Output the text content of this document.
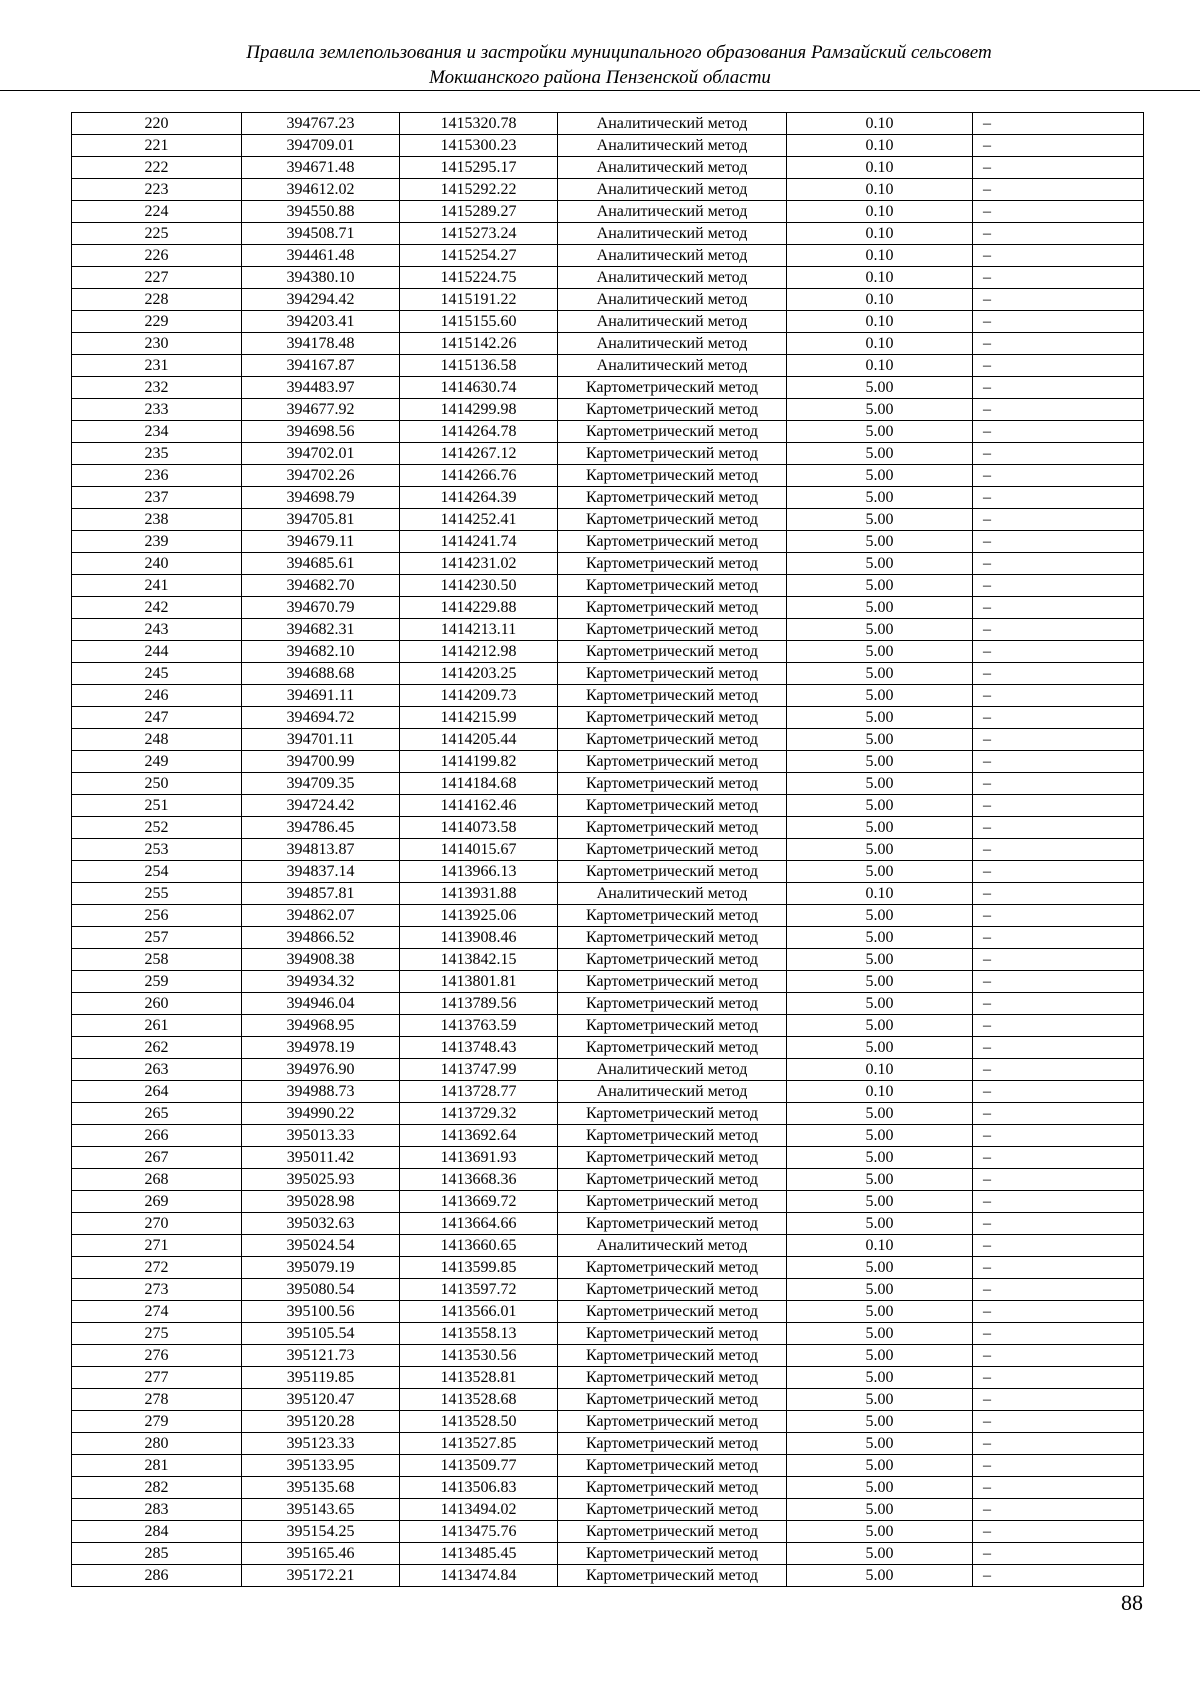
Правила землепользования и застройки муниципального образования Рамзайский сельсовет
Мокшанского района Пензенской области
220	394767.23	1415320.78	Аналитический метод	0.10	–
221	394709.01	1415300.23	Аналитический метод	0.10	–
222	394671.48	1415295.17	Аналитический метод	0.10	–
223	394612.02	1415292.22	Аналитический метод	0.10	–
224	394550.88	1415289.27	Аналитический метод	0.10	–
225	394508.71	1415273.24	Аналитический метод	0.10	–
226	394461.48	1415254.27	Аналитический метод	0.10	–
227	394380.10	1415224.75	Аналитический метод	0.10	–
228	394294.42	1415191.22	Аналитический метод	0.10	–
229	394203.41	1415155.60	Аналитический метод	0.10	–
230	394178.48	1415142.26	Аналитический метод	0.10	–
231	394167.87	1415136.58	Аналитический метод	0.10	–
232	394483.97	1414630.74	Картометрический метод	5.00	–
233	394677.92	1414299.98	Картометрический метод	5.00	–
234	394698.56	1414264.78	Картометрический метод	5.00	–
235	394702.01	1414267.12	Картометрический метод	5.00	–
236	394702.26	1414266.76	Картометрический метод	5.00	–
237	394698.79	1414264.39	Картометрический метод	5.00	–
238	394705.81	1414252.41	Картометрический метод	5.00	–
239	394679.11	1414241.74	Картометрический метод	5.00	–
240	394685.61	1414231.02	Картометрический метод	5.00	–
241	394682.70	1414230.50	Картометрический метод	5.00	–
242	394670.79	1414229.88	Картометрический метод	5.00	–
243	394682.31	1414213.11	Картометрический метод	5.00	–
244	394682.10	1414212.98	Картометрический метод	5.00	–
245	394688.68	1414203.25	Картометрический метод	5.00	–
246	394691.11	1414209.73	Картометрический метод	5.00	–
247	394694.72	1414215.99	Картометрический метод	5.00	–
248	394701.11	1414205.44	Картометрический метод	5.00	–
249	394700.99	1414199.82	Картометрический метод	5.00	–
250	394709.35	1414184.68	Картометрический метод	5.00	–
251	394724.42	1414162.46	Картометрический метод	5.00	–
252	394786.45	1414073.58	Картометрический метод	5.00	–
253	394813.87	1414015.67	Картометрический метод	5.00	–
254	394837.14	1413966.13	Картометрический метод	5.00	–
255	394857.81	1413931.88	Аналитический метод	0.10	–
256	394862.07	1413925.06	Картометрический метод	5.00	–
257	394866.52	1413908.46	Картометрический метод	5.00	–
258	394908.38	1413842.15	Картометрический метод	5.00	–
259	394934.32	1413801.81	Картометрический метод	5.00	–
260	394946.04	1413789.56	Картометрический метод	5.00	–
261	394968.95	1413763.59	Картометрический метод	5.00	–
262	394978.19	1413748.43	Картометрический метод	5.00	–
263	394976.90	1413747.99	Аналитический метод	0.10	–
264	394988.73	1413728.77	Аналитический метод	0.10	–
265	394990.22	1413729.32	Картометрический метод	5.00	–
266	395013.33	1413692.64	Картометрический метод	5.00	–
267	395011.42	1413691.93	Картометрический метод	5.00	–
268	395025.93	1413668.36	Картометрический метод	5.00	–
269	395028.98	1413669.72	Картометрический метод	5.00	–
270	395032.63	1413664.66	Картометрический метод	5.00	–
271	395024.54	1413660.65	Аналитический метод	0.10	–
272	395079.19	1413599.85	Картометрический метод	5.00	–
273	395080.54	1413597.72	Картометрический метод	5.00	–
274	395100.56	1413566.01	Картометрический метод	5.00	–
275	395105.54	1413558.13	Картометрический метод	5.00	–
276	395121.73	1413530.56	Картометрический метод	5.00	–
277	395119.85	1413528.81	Картометрический метод	5.00	–
278	395120.47	1413528.68	Картометрический метод	5.00	–
279	395120.28	1413528.50	Картометрический метод	5.00	–
280	395123.33	1413527.85	Картометрический метод	5.00	–
281	395133.95	1413509.77	Картометрический метод	5.00	–
282	395135.68	1413506.83	Картометрический метод	5.00	–
283	395143.65	1413494.02	Картометрический метод	5.00	–
284	395154.25	1413475.76	Картометрический метод	5.00	–
285	395165.46	1413485.45	Картометрический метод	5.00	–
286	395172.21	1413474.84	Картометрический метод	5.00	–
88
